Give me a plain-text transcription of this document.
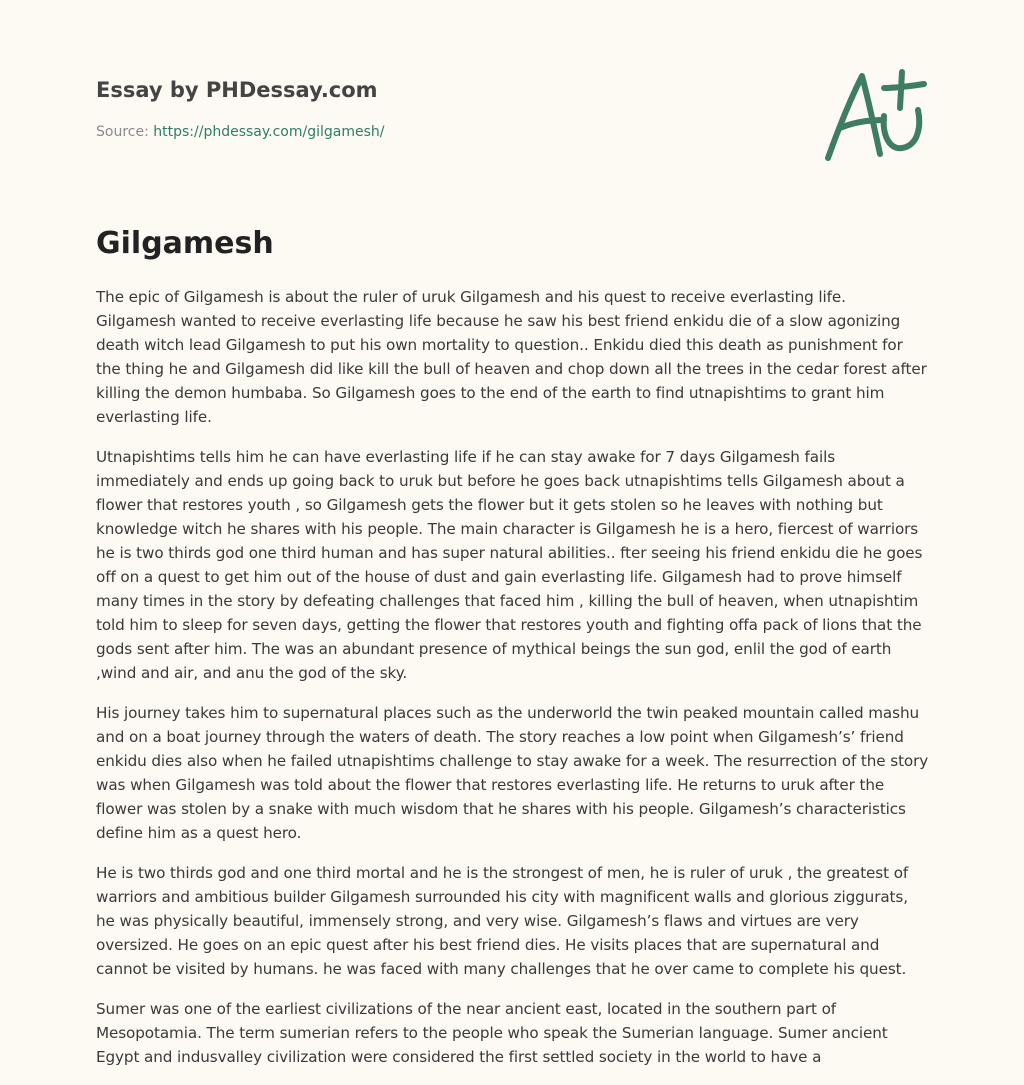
Essay by PHDessay.com
Source: https://phdessay.com/gilgamesh/
Gilgamesh

The epic of Gilgamesh is about the ruler of uruk Gilgamesh and his quest to receive everlasting life. Gilgamesh wanted to receive everlasting life because he saw his best friend enkidu die of a slow agonizing death witch lead Gilgamesh to put his own mortality to question.. Enkidu died this death as punishment for the thing he and Gilgamesh did like kill the bull of heaven and chop down all the trees in the cedar forest after killing the demon humbaba. So Gilgamesh goes to the end of the earth to find utnapishtims to grant him everlasting life.

Utnapishtims tells him he can have everlasting life if he can stay awake for 7 days Gilgamesh fails immediately and ends up going back to uruk but before he goes back utnapishtims tells Gilgamesh about a flower that restores youth , so Gilgamesh gets the flower but it gets stolen so he leaves with nothing but knowledge witch he shares with his people. The main character is Gilgamesh he is a hero, fiercest of warriors he is two thirds god one third human and has super natural abilities.. fter seeing his friend enkidu die he goes off on a quest to get him out of the house of dust and gain everlasting life. Gilgamesh had to prove himself many times in the story by defeating challenges that faced him , killing the bull of heaven, when utnapishtim told him to sleep for seven days, getting the flower that restores youth and fighting offa pack of lions that the gods sent after him. The was an abundant presence of mythical beings the sun god, enlil the god of earth ,wind and air, and anu the god of the sky.

His journey takes him to supernatural places such as the underworld the twin peaked mountain called mashu and on a boat journey through the waters of death. The story reaches a low point when Gilgamesh’s’ friend enkidu dies also when he failed utnapishtims challenge to stay awake for a week. The resurrection of the story was when Gilgamesh was told about the flower that restores everlasting life. He returns to uruk after the flower was stolen by a snake with much wisdom that he shares with his people. Gilgamesh’s characteristics define him as a quest hero.

He is two thirds god and one third mortal and he is the strongest of men, he is ruler of uruk , the greatest of warriors and ambitious builder Gilgamesh surrounded his city with magnificent walls and glorious ziggurats, he was physically beautiful, immensely strong, and very wise. Gilgamesh’s flaws and virtues are very oversized. He goes on an epic quest after his best friend dies. He visits places that are supernatural and cannot be visited by humans. he was faced with many challenges that he over came to complete his quest.

Sumer was one of the earliest civilizations of the near ancient east, located in the southern part of Mesopotamia. The term sumerian refers to the people who speak the Sumerian language. Sumer ancient Egypt and indusvalley civilization were considered the first settled society in the world to have a
